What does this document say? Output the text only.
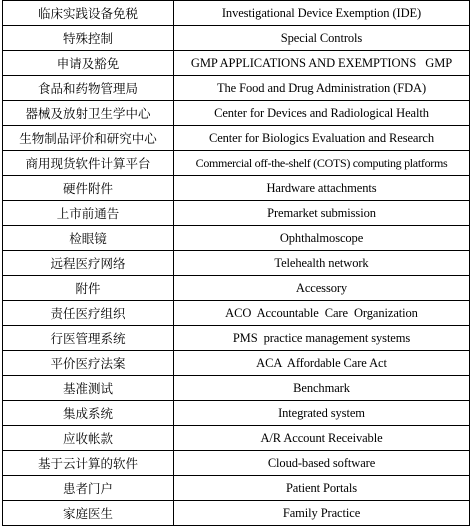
临床实践设备免税	Investigational Device Exemption (IDE)
特殊控制	Special Controls
申请及豁免	GMP APPLICATIONS AND EXEMPTIONS   GMP
食品和药物管理局	The Food and Drug Administration (FDA)
器械及放射卫生学中心	Center for Devices and Radiological Health
生物制品评价和研究中心	Center for Biologics Evaluation and Research
商用现货软件计算平台	Commercial off-the-shelf (COTS) computing platforms
硬件附件	Hardware attachments
上市前通告	Premarket submission
检眼镜	Ophthalmoscope
远程医疗网络	Telehealth network
附件	Accessory
责任医疗组织	ACO  Accountable  Care  Organization
行医管理系统	PMS  practice management systems
平价医疗法案	ACA  Affordable Care Act
基准测试	Benchmark
集成系统	Integrated system
应收帐款	A/R Account Receivable
基于云计算的软件	Cloud-based software
患者门户	Patient Portals
家庭医生	Family Practice
